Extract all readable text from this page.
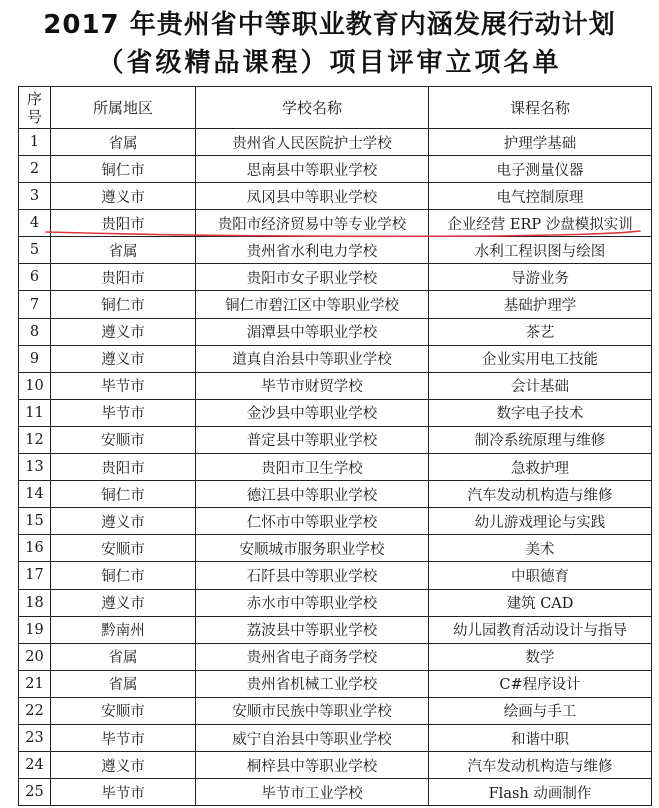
2017 年贵州省中等职业教育内涵发展行动计划
（省级精品课程）项目评审立项名单
序
号	所属地区	学校名称	课程名称
1	省属	贵州省人民医院护士学校	护理学基础
2	铜仁市	思南县中等职业学校	电子测量仪器
3	遵义市	凤冈县中等职业学校	电气控制原理
4	贵阳市	贵阳市经济贸易中等专业学校	企业经营 ERP 沙盘模拟实训
5	省属	贵州省水利电力学校	水利工程识图与绘图
6	贵阳市	贵阳市女子职业学校	导游业务
7	铜仁市	铜仁市碧江区中等职业学校	基础护理学
8	遵义市	湄潭县中等职业学校	茶艺
9	遵义市	道真自治县中等职业学校	企业实用电工技能
10	毕节市	毕节市财贸学校	会计基础
11	毕节市	金沙县中等职业学校	数字电子技术
12	安顺市	普定县中等职业学校	制冷系统原理与维修
13	贵阳市	贵阳市卫生学校	急救护理
14	铜仁市	德江县中等职业学校	汽车发动机构造与维修
15	遵义市	仁怀市中等职业学校	幼儿游戏理论与实践
16	安顺市	安顺城市服务职业学校	美术
17	铜仁市	石阡县中等职业学校	中职德育
18	遵义市	赤水市中等职业学校	建筑 CAD
19	黔南州	荔波县中等职业学校	幼儿园教育活动设计与指导
20	省属	贵州省电子商务学校	数学
21	省属	贵州省机械工业学校	C#程序设计
22	安顺市	安顺市民族中等职业学校	绘画与手工
23	毕节市	威宁自治县中等职业学校	和谐中职
24	遵义市	桐梓县中等职业学校	汽车发动机构造与维修
25	毕节市	毕节市工业学校	Flash 动画制作
